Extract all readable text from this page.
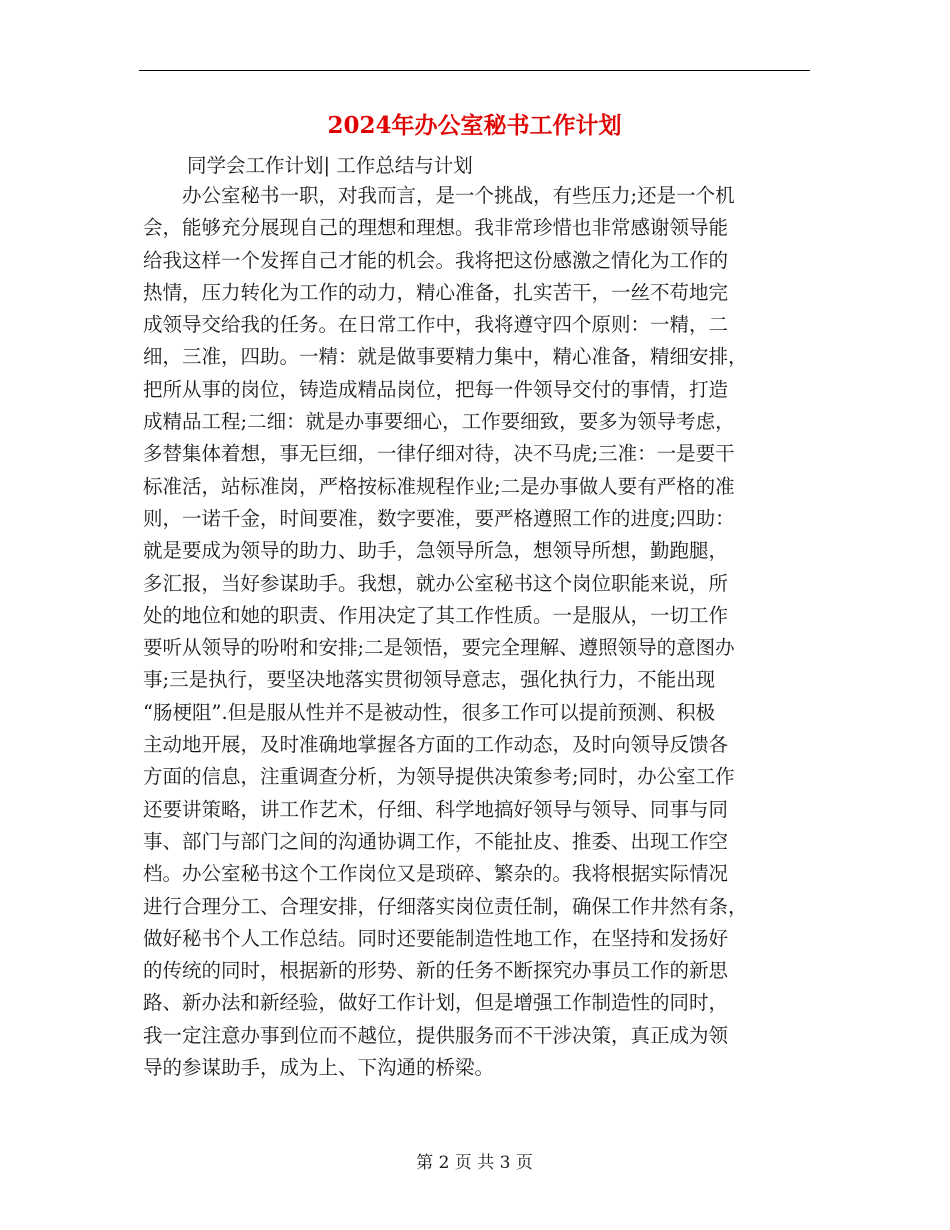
2024年办公室秘书工作计划
同学会工作计划| 工作总结与计划
　　办公室秘书一职，对我而言，是一个挑战，有些压力;还是一个机
会，能够充分展现自己的理想和理想。我非常珍惜也非常感谢领导能
给我这样一个发挥自己才能的机会。我将把这份感激之情化为工作的
热情，压力转化为工作的动力，精心准备，扎实苦干，一丝不苟地完
成领导交给我的任务。在日常工作中，我将遵守四个原则：一精，二
细，三准，四助。一精：就是做事要精力集中，精心准备，精细安排，
把所从事的岗位，铸造成精品岗位，把每一件领导交付的事情，打造
成精品工程;二细：就是办事要细心，工作要细致，要多为领导考虑，
多替集体着想，事无巨细，一律仔细对待，决不马虎;三准：一是要干
标准活，站标准岗，严格按标准规程作业;二是办事做人要有严格的准
则，一诺千金，时间要准，数字要准，要严格遵照工作的进度;四助：
就是要成为领导的助力、助手，急领导所急，想领导所想，勤跑腿，
多汇报，当好参谋助手。我想，就办公室秘书这个岗位职能来说，所
处的地位和她的职责、作用决定了其工作性质。一是服从，一切工作
要听从领导的吩咐和安排;二是领悟，要完全理解、遵照领导的意图办
事;三是执行，要坚决地落实贯彻领导意志，强化执行力，不能出现
“肠梗阻”.但是服从性并不是被动性，很多工作可以提前预测、积极
主动地开展，及时准确地掌握各方面的工作动态，及时向领导反馈各
方面的信息，注重调查分析，为领导提供决策参考;同时，办公室工作
还要讲策略，讲工作艺术，仔细、科学地搞好领导与领导、同事与同
事、部门与部门之间的沟通协调工作，不能扯皮、推委、出现工作空
档。办公室秘书这个工作岗位又是琐碎、繁杂的。我将根据实际情况
进行合理分工、合理安排，仔细落实岗位责任制，确保工作井然有条，
做好秘书个人工作总结。同时还要能制造性地工作，在坚持和发扬好
的传统的同时，根据新的形势、新的任务不断探究办事员工作的新思
路、新办法和新经验，做好工作计划，但是增强工作制造性的同时，
我一定注意办事到位而不越位，提供服务而不干涉决策，真正成为领
导的参谋助手，成为上、下沟通的桥梁。
第 2 页 共 3 页
